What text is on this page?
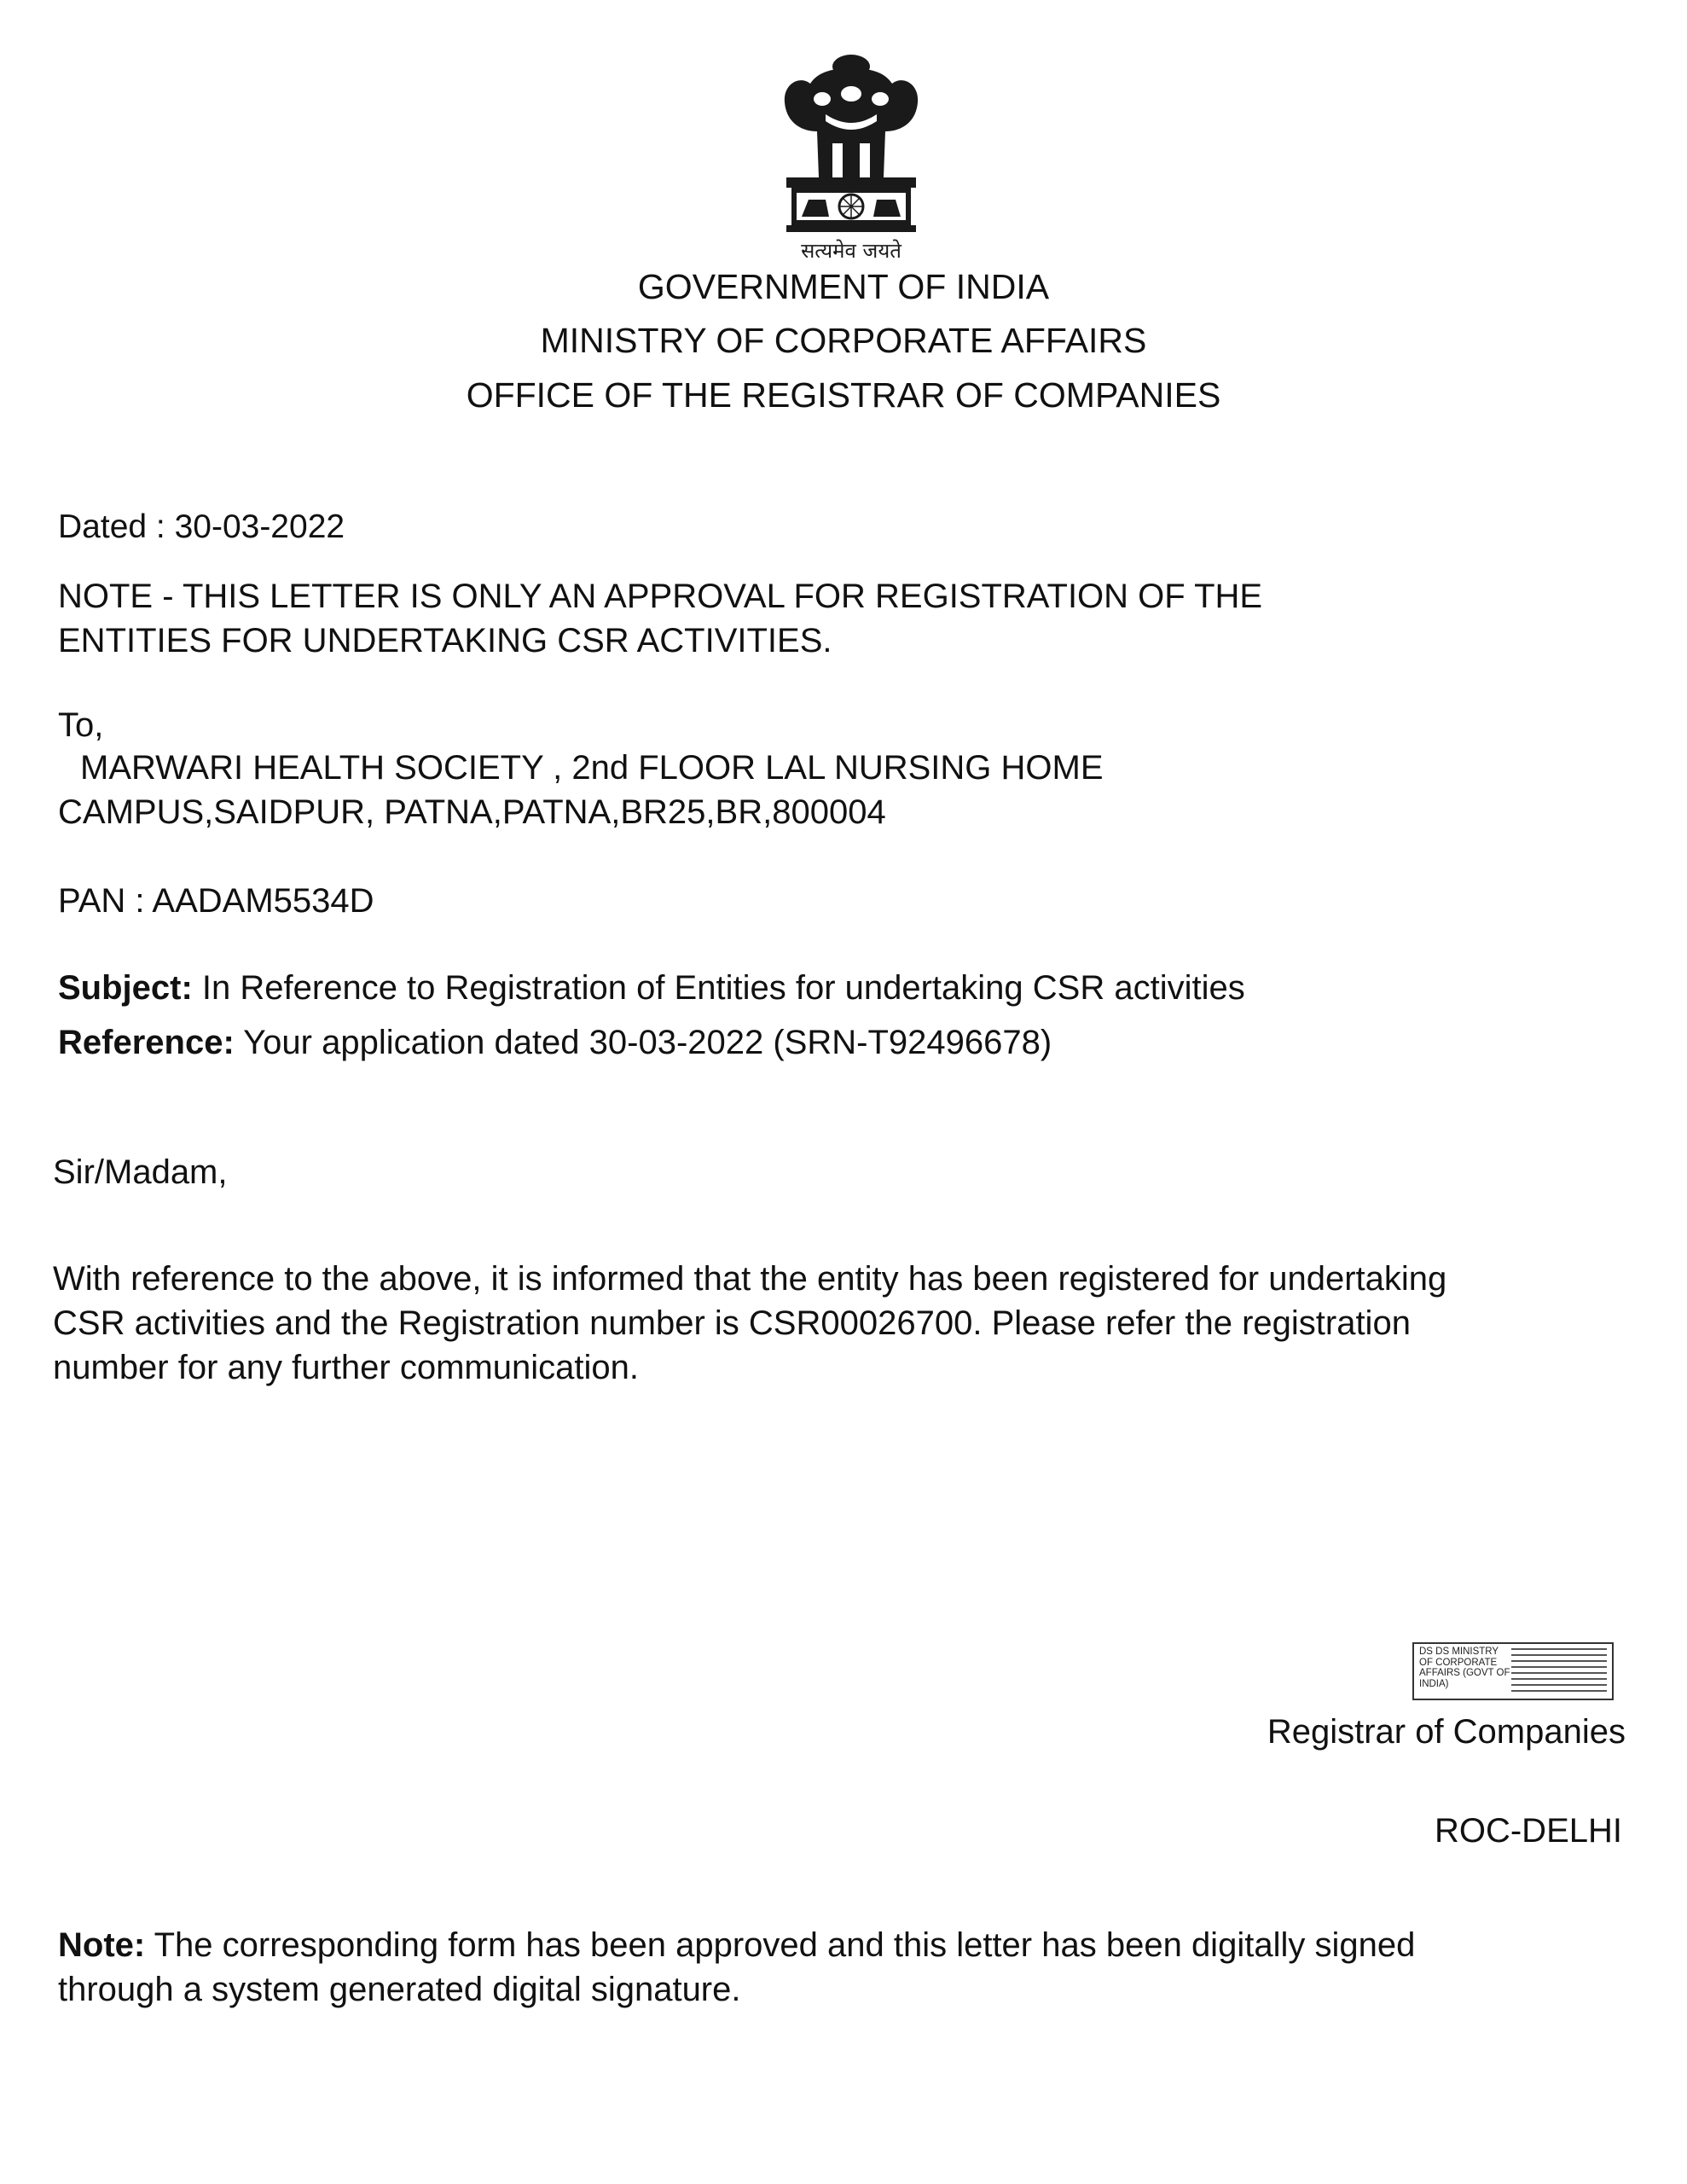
सत्यमेव जयते
GOVERNMENT OF INDIA
MINISTRY OF CORPORATE AFFAIRS
OFFICE OF THE REGISTRAR OF COMPANIES
Dated : 30-03-2022
NOTE - THIS LETTER IS ONLY AN APPROVAL FOR REGISTRATION OF THE
ENTITIES FOR UNDERTAKING CSR ACTIVITIES.
To,
MARWARI HEALTH SOCIETY , 2nd FLOOR LAL NURSING HOME
CAMPUS,SAIDPUR, PATNA,PATNA,BR25,BR,800004
PAN : AADAM5534D
Subject: In Reference to Registration of Entities for undertaking CSR activities
Reference: Your application dated 30-03-2022 (SRN-T92496678)
Sir/Madam,
With reference to the above, it is informed that the entity has been registered for undertaking
CSR activities and the Registration number is CSR00026700. Please refer the registration
number for any further communication.
DS DS MINISTRY
OF CORPORATE
AFFAIRS (GOVT OF
INDIA)
Registrar of Companies
ROC-DELHI
Note: The corresponding form has been approved and this letter has been digitally signed
through a system generated digital signature.
